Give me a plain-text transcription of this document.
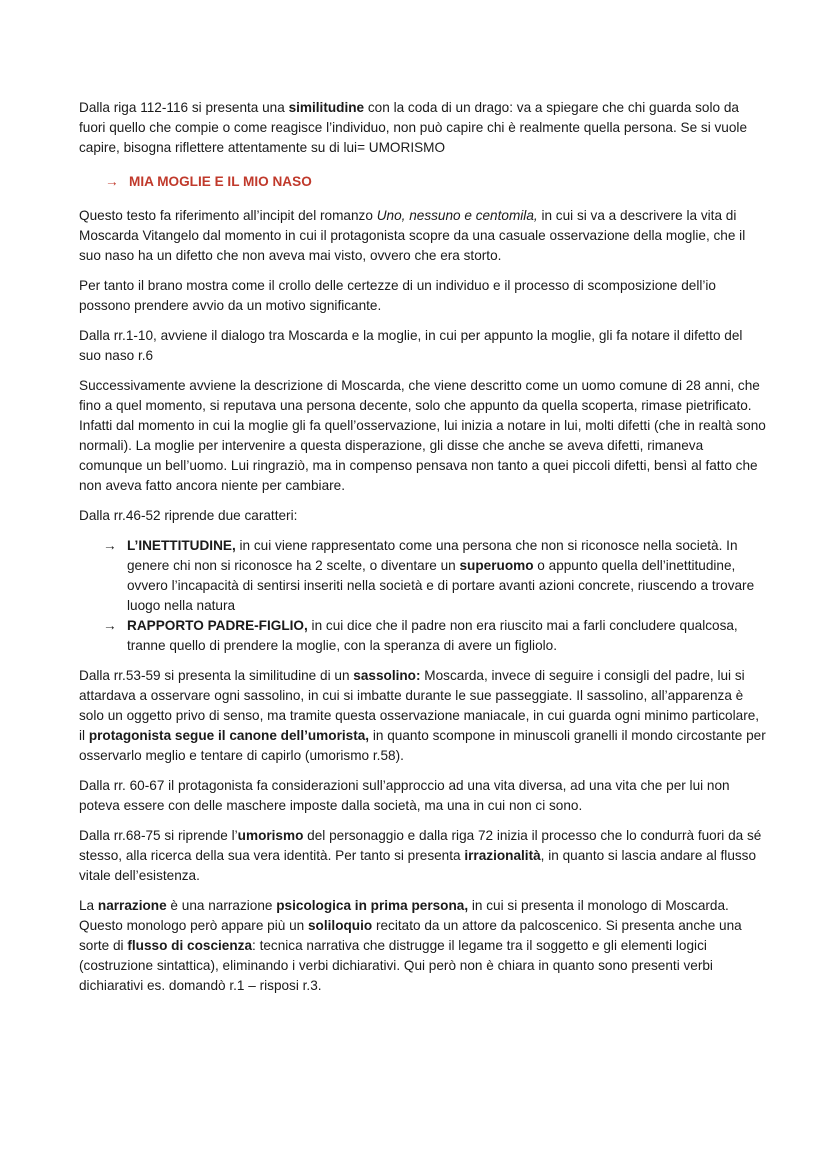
Dalla riga 112-116 si presenta una similitudine con la coda di un drago: va a spiegare che chi guarda solo da fuori quello che compie o come reagisce l’individuo, non può capire chi è realmente quella persona. Se si vuole capire, bisogna riflettere attentamente su di lui= UMORISMO

→ MIA MOGLIE E IL MIO NASO

Questo testo fa riferimento all’incipit del romanzo Uno, nessuno e centomila, in cui si va a descrivere la vita di Moscarda Vitangelo dal momento in cui il protagonista scopre da una casuale osservazione della moglie, che il suo naso ha un difetto che non aveva mai visto, ovvero che era storto.

Per tanto il brano mostra come il crollo delle certezze di un individuo e il processo di scomposizione dell’io possono prendere avvio da un motivo significante.

Dalla rr.1-10, avviene il dialogo tra Moscarda e la moglie, in cui per appunto la moglie, gli fa notare il difetto del suo naso r.6

Successivamente avviene la descrizione di Moscarda, che viene descritto come un uomo comune di 28 anni, che fino a quel momento, si reputava una persona decente, solo che appunto da quella scoperta, rimase pietrificato. Infatti dal momento in cui la moglie gli fa quell’osservazione, lui inizia a notare in lui, molti difetti (che in realtà sono normali). La moglie per intervenire a questa disperazione, gli disse che anche se aveva difetti, rimaneva comunque un bell’uomo. Lui ringraziò, ma in compenso pensava non tanto a quei piccoli difetti, bensì al fatto che non aveva fatto ancora niente per cambiare.

Dalla rr.46-52 riprende due caratteri:

→ L’INETTITUDINE, in cui viene rappresentato come una persona che non si riconosce nella società. In genere chi non si riconosce ha 2 scelte, o diventare un superuomo o appunto quella dell’inettitudine, ovvero l’incapacità di sentirsi inseriti nella società e di portare avanti azioni concrete, riuscendo a trovare luogo nella natura
→ RAPPORTO PADRE-FIGLIO, in cui dice che il padre non era riuscito mai a farli concludere qualcosa, tranne quello di prendere la moglie, con la speranza di avere un figliolo.

Dalla rr.53-59 si presenta la similitudine di un sassolino: Moscarda, invece di seguire i consigli del padre, lui si attardava a osservare ogni sassolino, in cui si imbatte durante le sue passeggiate. Il sassolino, all’apparenza è solo un oggetto privo di senso, ma tramite questa osservazione maniacale, in cui guarda ogni minimo particolare, il protagonista segue il canone dell’umorista, in quanto scompone in minuscoli granelli il mondo circostante per osservarlo meglio e tentare di capirlo (umorismo r.58).

Dalla rr. 60-67 il protagonista fa considerazioni sull’approccio ad una vita diversa, ad una vita che per lui non poteva essere con delle maschere imposte dalla società, ma una in cui non ci sono.

Dalla rr.68-75 si riprende l’umorismo del personaggio e dalla riga 72 inizia il processo che lo condurrà fuori da sé stesso, alla ricerca della sua vera identità. Per tanto si presenta irrazionalità, in quanto si lascia andare al flusso vitale dell’esistenza.

La narrazione è una narrazione psicologica in prima persona, in cui si presenta il monologo di Moscarda. Questo monologo però appare più un soliloquio recitato da un attore da palcoscenico. Si presenta anche una sorte di flusso di coscienza: tecnica narrativa che distrugge il legame tra il soggetto e gli elementi logici (costruzione sintattica), eliminando i verbi dichiarativi. Qui però non è chiara in quanto sono presenti verbi dichiarativi es. domandò r.1 – risposi r.3.
